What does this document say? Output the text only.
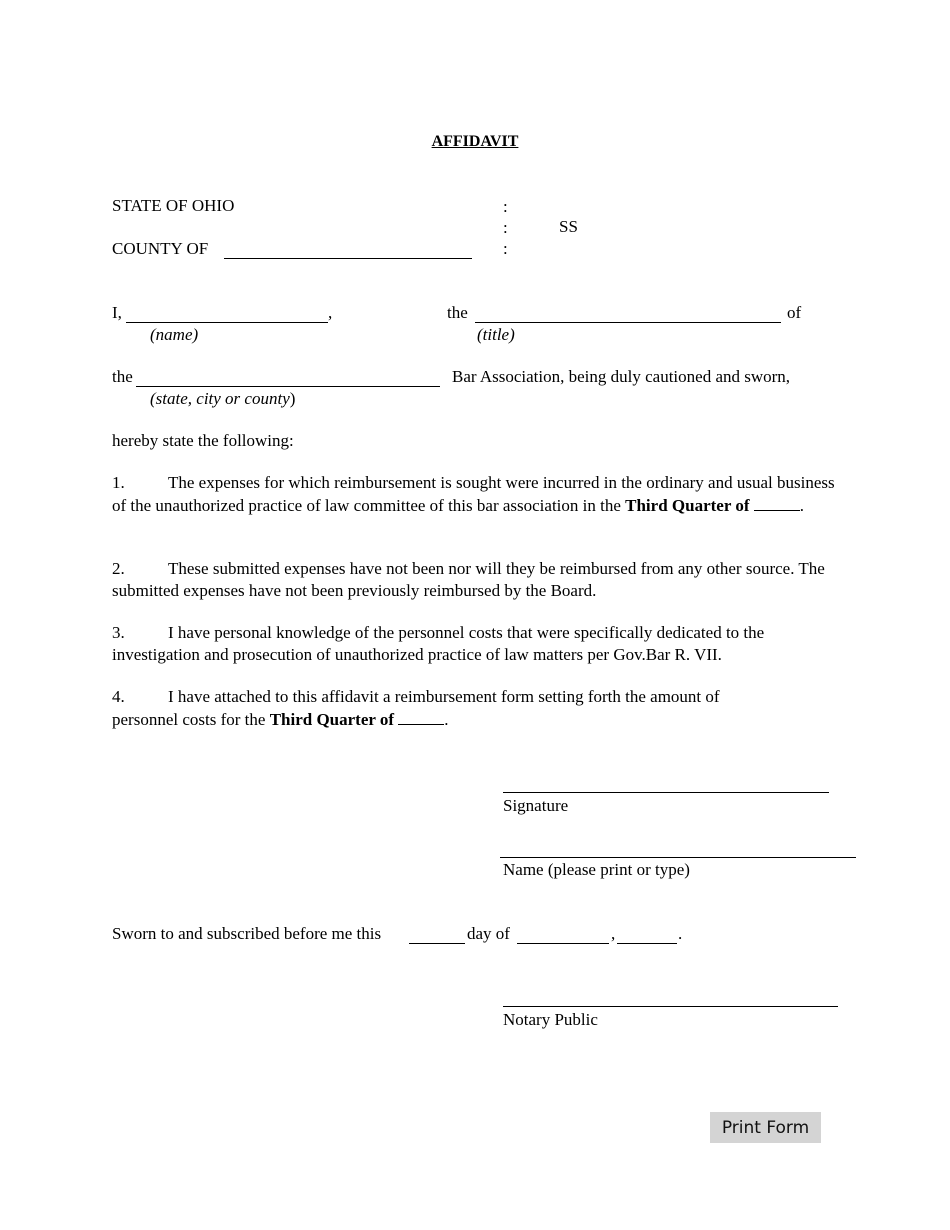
AFFIDAVIT
STATE OF OHIO
COUNTY OF
:
:
:
SS
I,	,
(name)
the	of
(title)
the	Bar Association, being duly cautioned and sworn,
(state, city or county)
hereby state the following:
1.	The expenses for which reimbursement is sought were incurred in the ordinary and usual business of the unauthorized practice of law committee of this bar association in the Third Quarter of	.
2.	These submitted expenses have not been nor will they be reimbursed from any other source. The submitted expenses have not been previously reimbursed by the Board.
3.	I have personal knowledge of the personnel costs that were specifically dedicated to the investigation and prosecution of unauthorized practice of law matters per Gov.Bar R. VII.
4.	I have attached to this affidavit a reimbursement form setting forth the amount of personnel costs for the Third Quarter of	.
Signature
Name (please print or type)
Sworn to and subscribed before me this	day of	,	.
Notary Public
Print Form
